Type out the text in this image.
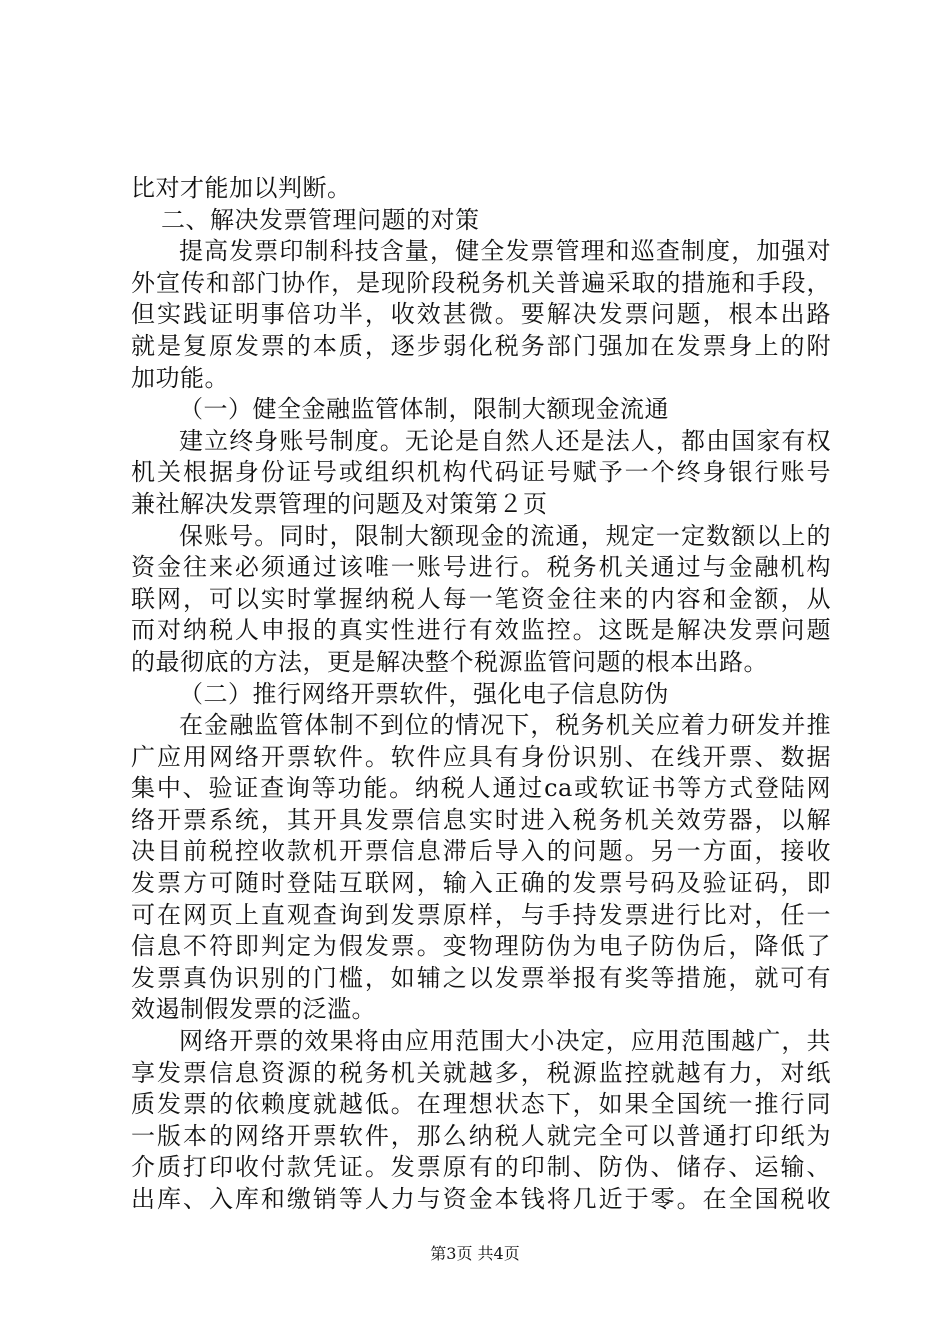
比对才能加以判断。
二、解决发票管理问题的对策
提高发票印制科技含量，健全发票管理和巡查制度，加强对
外宣传和部门协作，是现阶段税务机关普遍采取的措施和手段，
但实践证明事倍功半，收效甚微。要解决发票问题，根本出路
就是复原发票的本质，逐步弱化税务部门强加在发票身上的附
加功能。
（一）健全金融监管体制，限制大额现金流通
建立终身账号制度。无论是自然人还是法人，都由国家有权
机关根据身份证号或组织机构代码证号赋予一个终身银行账号
兼社解决发票管理的问题及对策第２页
保账号。同时，限制大额现金的流通，规定一定数额以上的
资金往来必须通过该唯一账号进行。税务机关通过与金融机构
联网，可以实时掌握纳税人每一笔资金往来的内容和金额，从
而对纳税人申报的真实性进行有效监控。这既是解决发票问题
的最彻底的方法，更是解决整个税源监管问题的根本出路。
（二）推行网络开票软件，强化电子信息防伪
在金融监管体制不到位的情况下，税务机关应着力研发并推
广应用网络开票软件。软件应具有身份识别、在线开票、数据
集中、验证查询等功能。纳税人通过ca或软证书等方式登陆网
络开票系统，其开具发票信息实时进入税务机关效劳器，以解
决目前税控收款机开票信息滞后导入的问题。另一方面，接收
发票方可随时登陆互联网，输入正确的发票号码及验证码，即
可在网页上直观查询到发票原样，与手持发票进行比对，任一
信息不符即判定为假发票。变物理防伪为电子防伪后，降低了
发票真伪识别的门槛，如辅之以发票举报有奖等措施，就可有
效遏制假发票的泛滥。
网络开票的效果将由应用范围大小决定，应用范围越广，共
享发票信息资源的税务机关就越多，税源监控就越有力，对纸
质发票的依赖度就越低。在理想状态下，如果全国统一推行同
一版本的网络开票软件，那么纳税人就完全可以普通打印纸为
介质打印收付款凭证。发票原有的印制、防伪、储存、运输、
出库、入库和缴销等人力与资金本钱将几近于零。在全国税收
第3页 共4页
